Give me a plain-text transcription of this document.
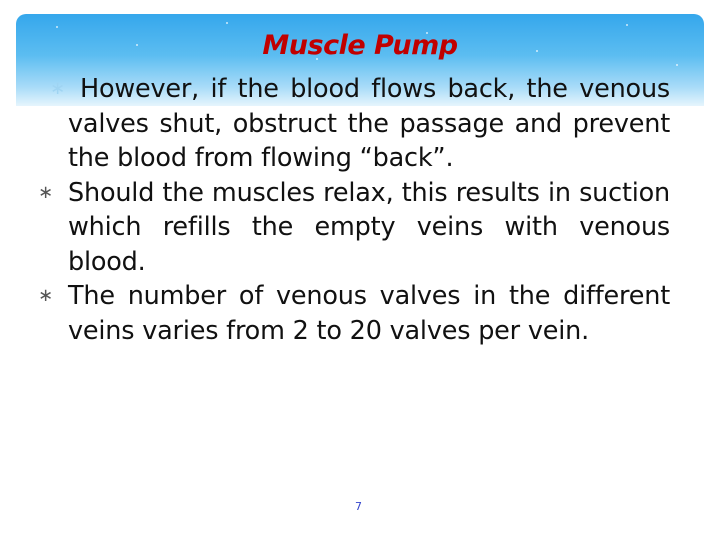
Muscle Pump
∗ However, if the blood flows back, the venous valves shut, obstruct the passage and prevent the blood from flowing “back”.
∗ Should the muscles relax, this results in suction which refills the empty veins with venous blood.
∗ The number of venous valves in the different veins varies from 2 to 20 valves per vein.
7
